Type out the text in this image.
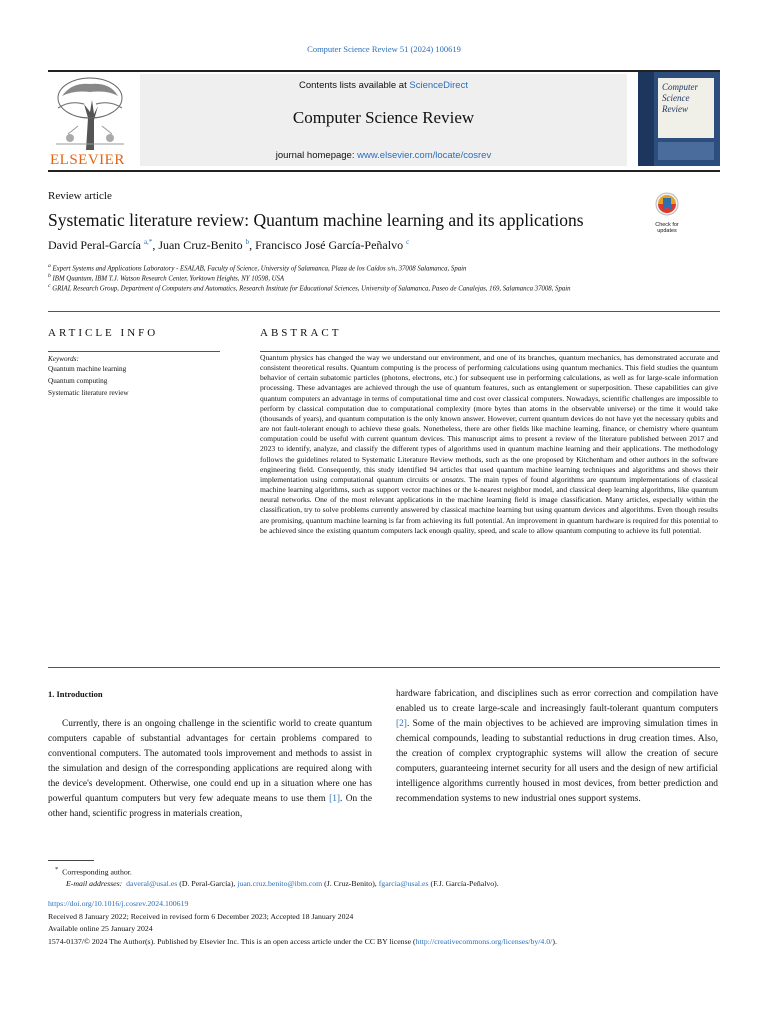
Computer Science Review 51 (2024) 100619
ELSEVIER
Contents lists available at ScienceDirect
Computer Science Review
journal homepage: www.elsevier.com/locate/cosrev
Computer
Science
Review
Review article
Systematic literature review: Quantum machine learning and its applications	Check for
updates
David Peral-García $^{a,*}$, Juan Cruz-Benito $^b$, Francisco José García-Peñalvo $^c$
$^a$ Expert Systems and Applications Laboratory - ESALAB, Faculty of Science, University of Salamanca, Plaza de los Caídos s/n, 37008 Salamanca, Spain
$^b$ IBM Quantum, IBM T.J. Watson Research Center, Yorktown Heights, NY 10598, USA
$^c$ GRIAL Research Group, Department of Computers and Automatics, Research Institute for Educational Sciences, University of Salamanca, Paseo de Canalejas, 169, Salamanca 37008, Spain
ARTICLE INFO	ABSTRACT
Keywords:
Quantum machine learning
Quantum computing
Systematic literature review
Quantum physics has changed the way we understand our environment, and one of its branches, quantum mechanics, has demonstrated accurate and consistent theoretical results. Quantum computing is the process of performing calculations using quantum mechanics. This field studies the quantum behavior of certain subatomic particles (photons, electrons, etc.) for subsequent use in performing calculations, as well as for large-scale information processing. These advantages are achieved through the use of quantum features, such as entanglement or superposition. These capabilities can give quantum computers an advantage in terms of computational time and cost over classical computers. Nowadays, scientific challenges are impossible to perform by classical computation due to computational complexity (more bytes than atoms in the observable universe) or the time it would take (thousands of years), and quantum computation is the only known answer. However, current quantum devices do not have yet the necessary qubits and are not fault-tolerant enough to achieve these goals. Nonetheless, there are other fields like machine learning, finance, or chemistry where quantum computation could be useful with current quantum devices. This manuscript aims to present a review of the literature published between 2017 and 2023 to identify, analyze, and classify the different types of algorithms used in quantum machine learning and their applications. The methodology follows the guidelines related to Systematic Literature Review methods, such as the one proposed by Kitchenham and other authors in the software engineering field. Consequently, this study identified 94 articles that used quantum machine learning techniques and algorithms and shows their implementation using computational quantum circuits or ansatzs. The main types of found algorithms are quantum implementations of classical machine learning algorithms, such as support vector machines or the k-nearest neighbor model, and classical deep learning algorithms, like quantum neural networks. One of the most relevant applications in the machine learning field is image classification. Many articles, especially within the classification, try to solve problems currently answered by classical machine learning but using quantum devices and algorithms. Even though results are promising, quantum machine learning is far from achieving its full potential. An improvement in quantum hardware is required for this potential to be achieved since the existing quantum computers lack enough quality, speed, and scale to allow quantum computing to achieve its full potential.
1. Introduction
Currently, there is an ongoing challenge in the scientific world to create quantum computers capable of substantial advantages for certain problems compared to conventional computers. The automated tools improvement and methods to assist in the simulation and design of the corresponding applications are required along with the device's development. Otherwise, one could end up in a situation where one has powerful quantum computers but very few adequate means to use them [1]. On the other hand, scientific progress in materials creation,
hardware fabrication, and disciplines such as error correction and compilation have enabled us to create large-scale and increasingly fault-tolerant quantum computers [2]. Some of the main objectives to be achieved are improving simulation times in chemical compounds, leading to substantial reductions in drug creation times. Also, the creation of complex cryptographic systems will allow the creation of secure computers, guaranteeing internet security for all users and the design of new artificial intelligence algorithms currently housed in most devices, from better prediction and recommendation systems to new industrial ones support systems.
* Corresponding author.
E-mail addresses: daveral@usal.es (D. Peral-García), juan.cruz.benito@ibm.com (J. Cruz-Benito), fgarcia@usal.es (F.J. García-Peñalvo).
https://doi.org/10.1016/j.cosrev.2024.100619
Received 8 January 2022; Received in revised form 6 December 2023; Accepted 18 January 2024
Available online 25 January 2024
1574-0137/© 2024 The Author(s). Published by Elsevier Inc. This is an open access article under the CC BY license (http://creativecommons.org/licenses/by/4.0/).
